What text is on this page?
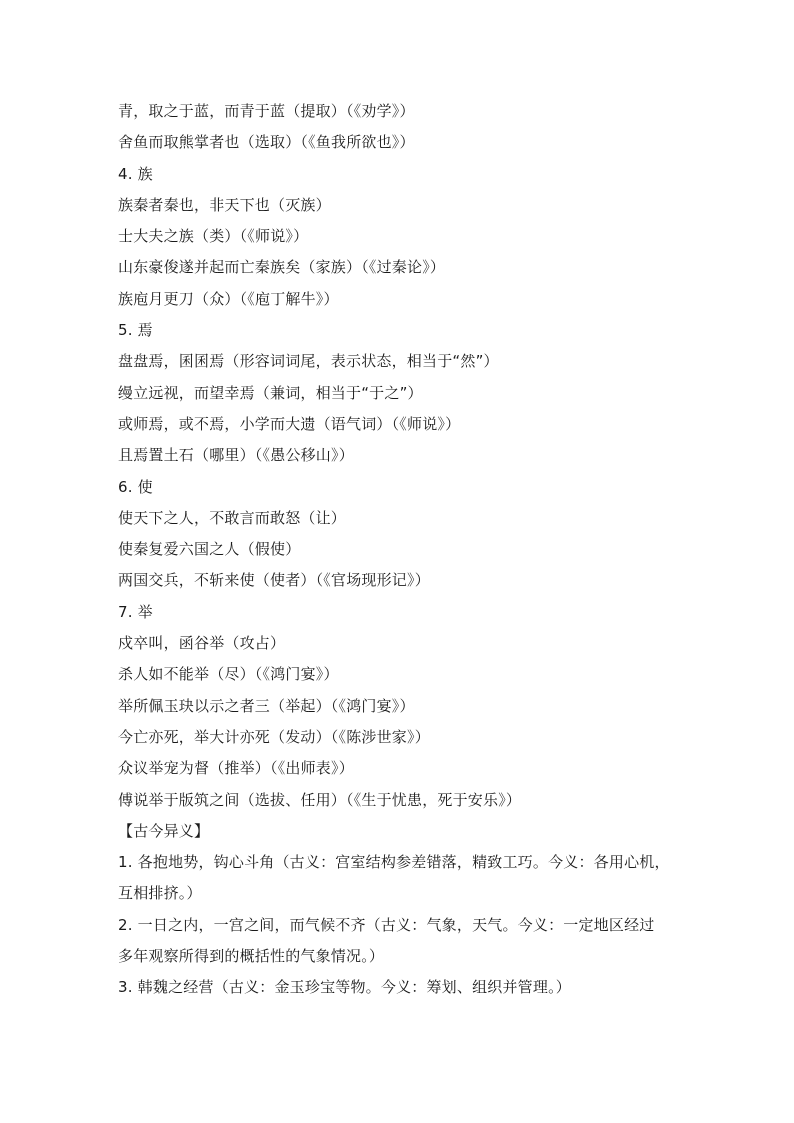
青，取之于蓝，而青于蓝（提取）（《劝学》）
舍鱼而取熊掌者也（选取）（《鱼我所欲也》）
4. 族
族秦者秦也，非天下也（灭族）
士大夫之族（类）（《师说》）
山东豪俊遂并起而亡秦族矣（家族）（《过秦论》）
族庖月更刀（众）（《庖丁解牛》）
5. 焉
盘盘焉，囷囷焉（形容词词尾，表示状态，相当于“然”）
缦立远视，而望幸焉（兼词，相当于“于之”）
或师焉，或不焉，小学而大遗（语气词）（《师说》）
且焉置土石（哪里）（《愚公移山》）
6. 使
使天下之人，不敢言而敢怒（让）
使秦复爱六国之人（假使）
两国交兵，不斩来使（使者）（《官场现形记》）
7. 举
戍卒叫，函谷举（攻占）
杀人如不能举（尽）（《鸿门宴》）
举所佩玉玦以示之者三（举起）（《鸿门宴》）
今亡亦死，举大计亦死（发动）（《陈涉世家》）
众议举宠为督（推举）（《出师表》）
傅说举于版筑之间（选拔、任用）（《生于忧患，死于安乐》）
【古今异义】
1. 各抱地势，钩心斗角（古义：宫室结构参差错落，精致工巧。今义：各用心机，
互相排挤。）
2. 一日之内，一宫之间，而气候不齐（古义：气象，天气。今义：一定地区经过
多年观察所得到的概括性的气象情况。）
3. 韩魏之经营（古义：金玉珍宝等物。今义：筹划、组织并管理。）
